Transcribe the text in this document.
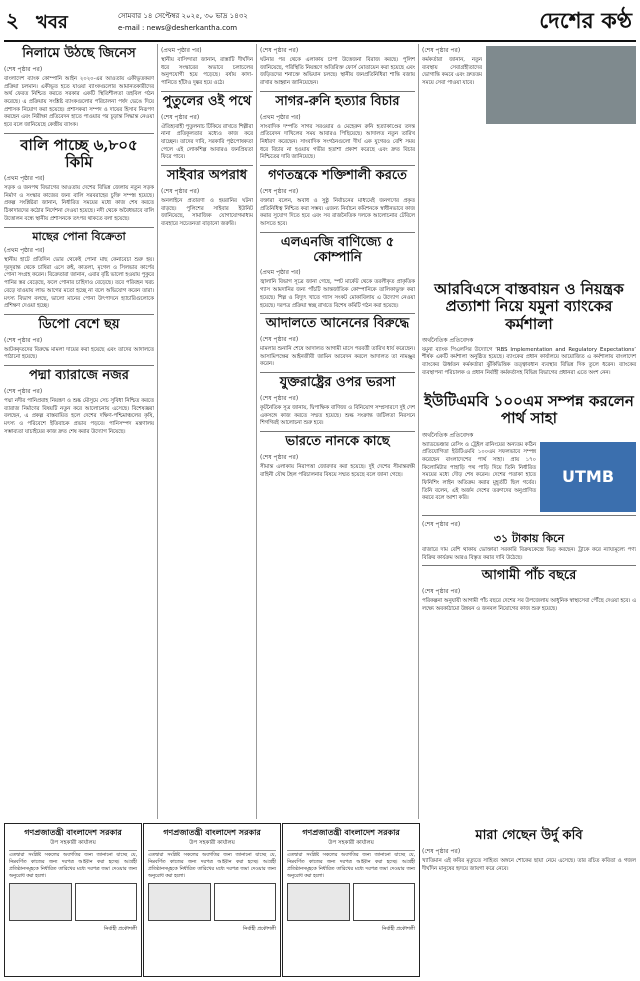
২ খবর	সোমবার ১৪ সেপ্টেম্বর ২০২৫, ৩০ ভাদ্র ১৪৩২
e-mail : news@desherkantha.com	দেশের কণ্ঠ
নিলামে উঠছে জিনেস
(শেষ পৃষ্ঠার পর)
বাংলাদেশ ব্যাংক কোম্পানি আইন ২০২০-এর আওতায় একীভূতকরণ প্রক্রিয়া চলমান। একীভূত হতে যাওয়া ব্যাংকগুলোর আমানতকারীদের অর্থ ফেরত নিশ্চিত করতে সরকার একটি স্থিতিশীলতা তহবিল গঠন করেছে। এ প্রক্রিয়ায় সংশ্লিষ্ট ব্যাংকগুলোর পরিচালনা পর্ষদ ভেঙে দিয়ে প্রশাসক নিয়োগ করা হয়েছে। প্রশাসকরা সম্পদ ও দায়ের হিসাব নিরূপণ করছেন এবং নিরীক্ষা প্রতিবেদন হাতে পাওয়ার পর চূড়ান্ত সিদ্ধান্ত নেওয়া হবে বলে জানিয়েছে কেন্দ্রীয় ব্যাংক।
বালি পাচ্ছে ৬,৮০৫ কিমি
(প্রথম পৃষ্ঠার পর)
সড়ক ও জনপথ বিভাগের আওতায় দেশের বিভিন্ন জেলায় নতুন সড়ক নির্মাণ ও সংস্কার কাজের জন্য বালি সরবরাহের চুক্তি সম্পন্ন হয়েছে। প্রকল্প সংশ্লিষ্টরা জানান, নির্ধারিত সময়ের মধ্যে কাজ শেষ করতে ঠিকাদারদের কঠোর নির্দেশনা দেওয়া হয়েছে। নদী থেকে অবৈধভাবে বালি উত্তোলন বন্ধে স্থানীয় প্রশাসনকে তৎপর থাকতে বলা হয়েছে।
মাছের পোনা বিক্রেতা
(প্রথম পৃষ্ঠার পর)
স্থানীয় হাটে প্রতিদিন ভোর থেকেই পোনা মাছ কেনাবেচা শুরু হয়। দূরদূরান্ত থেকে চাষিরা এসে রুই, কাতলা, মৃগেল ও সিলভার কার্পের পোনা সংগ্রহ করেন। বিক্রেতারা জানান, এবার বৃষ্টি ভালো হওয়ায় পুকুরে পানির স্তর বেড়েছে, ফলে পোনার চাহিদাও বেড়েছে। তবে পরিবহন খরচ বেড়ে যাওয়ায় লাভ আগের মতো হচ্ছে না বলে অভিযোগ করেন তারা। মৎস্য বিভাগ বলছে, ভালো মানের পোনা উৎপাদনে হ্যাচারিগুলোকে প্রশিক্ষণ দেওয়া হচ্ছে।
ডিপো বেশে ছয়
(শেষ পৃষ্ঠার পর)
আটককৃতদের বিরুদ্ধে মামলা দায়ের করা হয়েছে এবং তাদের আদালতে পাঠানো হয়েছে।
পদ্মা ব্যারাজে নজর
(শেষ পৃষ্ঠার পর)
পদ্মা নদীর পানিপ্রবাহ নিয়ন্ত্রণ ও শুষ্ক মৌসুমে সেচ সুবিধা নিশ্চিত করতে ব্যারাজ নির্মাণের বিষয়টি নতুন করে আলোচনায় এসেছে। বিশেষজ্ঞরা বলছেন, এ প্রকল্প বাস্তবায়িত হলে দেশের দক্ষিণ-পশ্চিমাঞ্চলের কৃষি, মৎস্য ও পরিবেশে ইতিবাচক প্রভাব পড়বে। পানিসম্পদ মন্ত্রণালয় সম্ভাব্যতা যাচাইয়ের কাজ দ্রুত শেষ করার উদ্যোগ নিয়েছে।
(প্রথম পৃষ্ঠার পর)
স্থানীয় বাসিন্দারা জানান, রাস্তাটি দীর্ঘদিন ধরে সংস্কারের অভাবে চলাচলের অনুপযোগী হয়ে পড়েছে। বর্ষায় কাদা-পানিতে হাঁটাও দুষ্কর হয়ে ওঠে।
পুতুলের ওই পথে
(শেষ পৃষ্ঠার পর)
ঐতিহ্যবাহী পুতুলনাচ টিকিয়ে রাখতে শিল্পীরা নানা প্রতিকূলতার মধ্যেও কাজ করে যাচ্ছেন। তাদের দাবি, সরকারি পৃষ্ঠপোষকতা পেলে এই লোকশিল্প আবারও জনপ্রিয়তা ফিরে পাবে।
সাইবার অপরাধ
(শেষ পৃষ্ঠার পর)
অনলাইনে প্রতারণা ও হয়রানির ঘটনা বাড়ছে। পুলিশের সাইবার ইউনিট জানিয়েছে, সামাজিক যোগাযোগমাধ্যম ব্যবহারে সচেতনতা বাড়ানো জরুরি।
(শেষ পৃষ্ঠার পর)
ঘটনার পর থেকে এলাকায় চাপা উত্তেজনা বিরাজ করছে। পুলিশ জানিয়েছে, পরিস্থিতি নিয়ন্ত্রণে অতিরিক্ত ফোর্স মোতায়েন করা হয়েছে এবং জড়িতদের শনাক্তে অভিযান চলছে। স্থানীয় জনপ্রতিনিধিরা শান্তি বজায় রাখার আহ্বান জানিয়েছেন।
সাগর-রুনি হত্যার বিচার
(প্রথম পৃষ্ঠার পর)
সাংবাদিক দম্পতি সাগর সরওয়ার ও মেহেরুন রুনি হত্যাকাণ্ডের তদন্ত প্রতিবেদন দাখিলের সময় আবারও পিছিয়েছে। আদালত নতুন তারিখ নির্ধারণ করেছেন। সাংবাদিক সংগঠনগুলো দীর্ঘ এক যুগেরও বেশি সময় ধরে বিচার না হওয়ায় গভীর হতাশা প্রকাশ করেছে এবং দ্রুত বিচার নিশ্চিতের দাবি জানিয়েছে।
গণতন্ত্রকে শক্তিশালী করতে
(শেষ পৃষ্ঠার পর)
বক্তারা বলেন, অবাধ ও সুষ্ঠু নির্বাচনের মাধ্যমেই জনগণের প্রকৃত প্রতিনিধিত্ব নিশ্চিত করা সম্ভব। এজন্য নির্বাচন কমিশনকে স্বাধীনভাবে কাজ করার সুযোগ দিতে হবে এবং সব রাজনৈতিক দলকে আলোচনার টেবিলে আসতে হবে।
এলএনজি বাণিজ্যে ৫ কোম্পানি
(প্রথম পৃষ্ঠার পর)
জ্বালানি বিভাগ সূত্রে জানা গেছে, স্পট মার্কেট থেকে তরলীকৃত প্রাকৃতিক গ্যাস আমদানির জন্য পাঁচটি আন্তর্জাতিক কোম্পানিকে তালিকাভুক্ত করা হয়েছে। শিল্প ও বিদ্যুৎ খাতে গ্যাস সংকট মোকাবিলায় এ উদ্যোগ নেওয়া হয়েছে। দরপত্র প্রক্রিয়া স্বচ্ছ রাখতে বিশেষ কমিটি গঠন করা হয়েছে।
আদালতে আনেনের বিরুদ্ধে
(শেষ পৃষ্ঠার পর)
মামলার শুনানি শেষে আদালত আগামী মাসে পরবর্তী তারিখ ধার্য করেছেন। আসামিপক্ষের আইনজীবী জামিন আবেদন করলে আদালত তা নামঞ্জুর করেন।
যুক্তরাষ্ট্রের ওপর ভরসা
(শেষ পৃষ্ঠার পর)
কূটনৈতিক সূত্র জানায়, দ্বিপাক্ষিক বাণিজ্য ও বিনিয়োগ সম্প্রসারণে দুই দেশ একসঙ্গে কাজ করতে সম্মত হয়েছে। শুল্ক সংক্রান্ত জটিলতা নিরসনে শিগগিরই আলোচনা শুরু হবে।
ভারতে নানকে কাছে
(শেষ পৃষ্ঠার পর)
সীমান্ত এলাকায় নিরাপত্তা জোরদার করা হয়েছে। দুই দেশের সীমান্তরক্ষী বাহিনী যৌথ টহল পরিচালনার বিষয়ে সম্মত হয়েছে বলে জানা গেছে।
(শেষ পৃষ্ঠার পর)
কর্মকর্তারা জানান, নতুন ব্যবস্থায় সেবাগ্রহীতাদের ভোগান্তি কমবে এবং দ্রুততম সময়ে সেবা পাওয়া যাবে।
আরবিএসে বাস্তবায়ন ও নিয়ন্ত্রক প্রত্যাশা নিয়ে যমুনা ব্যাংকের কর্মশালা
অর্থনৈতিক প্রতিবেদক
যমুনা ব্যাংক পিএলসির উদ্যোগে ‘RBS Implementation and Regulatory Expectations’ শীর্ষক একটি কর্মশালা অনুষ্ঠিত হয়েছে। ব্যাংকের প্রধান কার্যালয়ে আয়োজিত এ কর্মশালায় বাংলাদেশ ব্যাংকের ঊর্ধ্বতন কর্মকর্তারা ঝুঁকিভিত্তিক তত্ত্বাবধান ব্যবস্থার বিভিন্ন দিক তুলে ধরেন। ব্যাংকের ব্যবস্থাপনা পরিচালক ও প্রধান নির্বাহী কর্মকর্তাসহ বিভিন্ন বিভাগের প্রধানরা এতে অংশ নেন।
ইউটিএমবি ১০০এম সম্পন্ন করলেন পার্থ সাহা
অর্থনৈতিক প্রতিবেদক
অ্যাডভেঞ্চার রেসিং ও ট্রেইল রানিংয়ের অন্যতম কঠিন প্রতিযোগিতা ইউটিএমবি ১০০এম সফলভাবে সম্পন্ন করেছেন বাংলাদেশের পার্থ সাহা। প্রায় ১৭০ কিলোমিটার পাহাড়ি পথ পাড়ি দিয়ে তিনি নির্ধারিত সময়ের মধ্যে দৌড় শেষ করেন। দেশের পতাকা হাতে ফিনিশিং লাইন অতিক্রম করার মুহূর্তটি ছিল গর্বের। তিনি বলেন, এই অর্জন দেশের তরুণদের অনুপ্রাণিত করবে বলে আশা করি।
UTMB
(শেষ পৃষ্ঠার পর)
৩১ টাকায় কিনে
বাজারে দাম বেশি থাকায় ভোক্তারা সরকারি বিক্রয়কেন্দ্রে ভিড় করছেন। ট্রাকে করে ন্যায্যমূল্যে পণ্য বিক্রির কার্যক্রম আরও বিস্তৃত করার দাবি উঠেছে।
আগামী পাঁচ বছরে
(শেষ পৃষ্ঠার পর)
পরিকল্পনা অনুযায়ী আগামী পাঁচ বছরে দেশের সব উপজেলায় আধুনিক স্বাস্থ্যসেবা পৌঁছে দেওয়া হবে। এ লক্ষ্যে অবকাঠামো উন্নয়ন ও জনবল নিয়োগের কাজ শুরু হয়েছে।
মারা গেছেন উর্দু কবি
(শেষ পৃষ্ঠার পর)
খ্যাতিমান এই কবির মৃত্যুতে সাহিত্য অঙ্গনে শোকের ছায়া নেমে এসেছে। তার রচিত কবিতা ও গজল দীর্ঘদিন মানুষের হৃদয়ে জায়গা করে নেবে।
গণপ্রজাতন্ত্রী বাংলাদেশ সরকার
উপ সহকারী কার্যালয়
এতদ্বারা সংশ্লিষ্ট সকলের অবগতির জন্য জানানো যাচ্ছে যে, নিম্নবর্ণিত কাজের জন্য দরপত্র আহ্বান করা হচ্ছে। আগ্রহী প্রতিষ্ঠানসমূহকে নির্ধারিত তারিখের মধ্যে দরপত্র জমা দেওয়ার জন্য অনুরোধ করা হলো।
নির্বাহী প্রকৌশলী
গণপ্রজাতন্ত্রী বাংলাদেশ সরকার
উপ সহকারী কার্যালয়
এতদ্বারা সংশ্লিষ্ট সকলের অবগতির জন্য জানানো যাচ্ছে যে, নিম্নবর্ণিত কাজের জন্য দরপত্র আহ্বান করা হচ্ছে। আগ্রহী প্রতিষ্ঠানসমূহকে নির্ধারিত তারিখের মধ্যে দরপত্র জমা দেওয়ার জন্য অনুরোধ করা হলো।
নির্বাহী প্রকৌশলী
গণপ্রজাতন্ত্রী বাংলাদেশ সরকার
উপ সহকারী কার্যালয়
এতদ্বারা সংশ্লিষ্ট সকলের অবগতির জন্য জানানো যাচ্ছে যে, নিম্নবর্ণিত কাজের জন্য দরপত্র আহ্বান করা হচ্ছে। আগ্রহী প্রতিষ্ঠানসমূহকে নির্ধারিত তারিখের মধ্যে দরপত্র জমা দেওয়ার জন্য অনুরোধ করা হলো।
নির্বাহী প্রকৌশলী
